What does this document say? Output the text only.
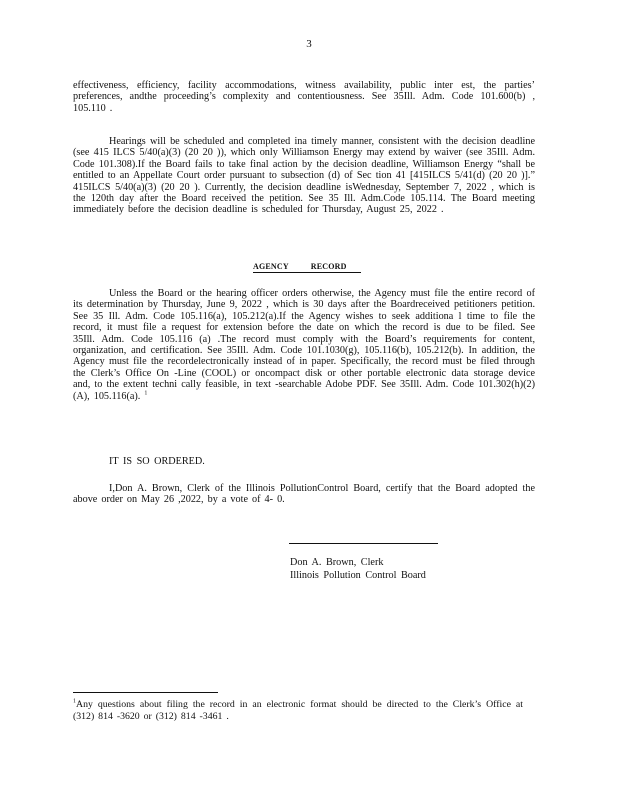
3

effectiveness, efficiency, facility accommodations, witness availability, public inter est, the parties’ preferences, andthe proceeding’s complexity and contentiousness. See 35Ill. Adm. Code 101.600(b) , 105.110 .

Hearings will be scheduled and completed ina timely manner, consistent with the decision deadline (see 415 ILCS 5/40(a)(3) (20 20 )), which only Williamson Energy may extend by waiver (see 35Ill. Adm. Code 101.308).If the Board fails to take final action by the decision deadline, Williamson Energy “shall be entitled to an Appellate Court order pursuant to subsection (d) of Sec tion 41 [415ILCS 5/41(d) (20 20 )].” 415ILCS 5/40(a)(3) (20 20 ). Currently, the decision deadline isWednesday, September 7, 2022 , which is the 120th day after the Board received the petition. See 35 Ill. Adm.Code 105.114. The Board meeting immediately before the decision deadline is scheduled for Thursday, August 25, 2022 .

AGENCY RECORD

Unless the Board or the hearing officer orders otherwise, the Agency must file the entire record of its determination by Thursday, June 9, 2022 , which is 30 days after the Boardreceived petitioners petition. See 35 Ill. Adm. Code 105.116(a), 105.212(a).If the Agency wishes to seek additiona l time to file the record, it must file a request for extension before the date on which the record is due to be filed. See 35Ill. Adm. Code 105.116 (a) .The record must comply with the Board’s requirements for content, organization, and certification. See 35Ill. Adm. Code 101.1030(g), 105.116(b), 105.212(b). In addition, the Agency must file the recordelectronically instead of in paper. Specifically, the record must be filed through the Clerk’s Office On -Line (COOL) or oncompact disk or other portable electronic data storage device and, to the extent techni cally feasible, in text -searchable Adobe PDF. See 35Ill. Adm. Code 101.302(h)(2)(A), 105.116(a). $^1$

IT IS SO ORDERED.

I,Don A. Brown, Clerk of the Illinois PollutionControl Board, certify that the Board adopted the above order on May 26 ,2022, by a vote of 4- 0.

Don A. Brown, Clerk
Illinois Pollution Control Board

$^1$Any questions about filing the record in an electronic format should be directed to the Clerk’s Office at (312) 814 -3620 or (312) 814 -3461 .
